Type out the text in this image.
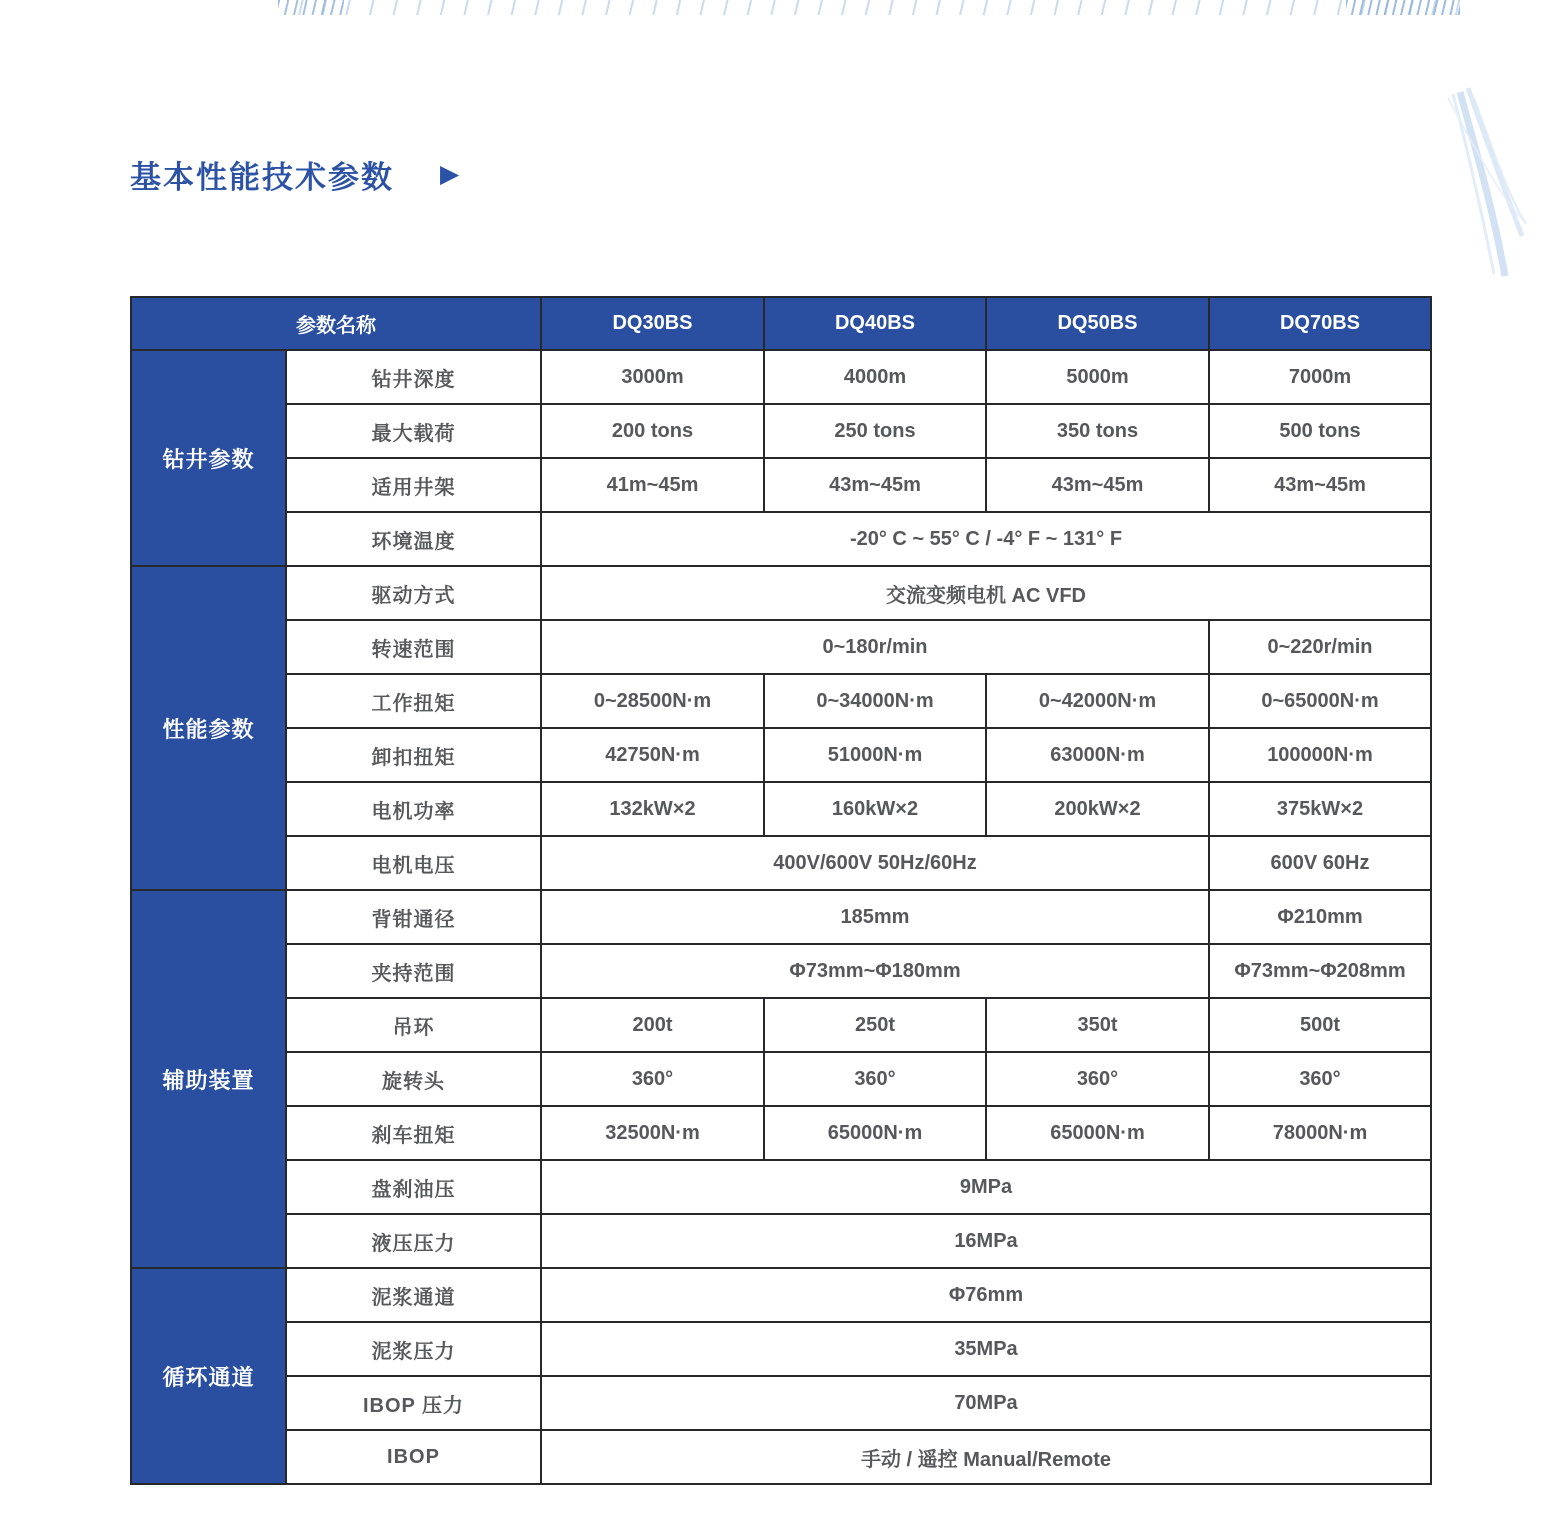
基本性能技术参数 ▶
参数名称		DQ30BS	DQ40BS	DQ50BS	DQ70BS
钻井参数	钻井深度	3000m	4000m	5000m	7000m
	最大载荷	200 tons	250 tons	350 tons	500 tons
	适用井架	41m~45m	43m~45m	43m~45m	43m~45m
	环境温度	-20° C ~ 55° C / -4° F ~ 131° F			
性能参数	驱动方式	交流变频电机 AC VFD			
	转速范围	0~180r/min			0~220r/min
	工作扭矩	0~28500N·m	0~34000N·m	0~42000N·m	0~65000N·m
	卸扣扭矩	42750N·m	51000N·m	63000N·m	100000N·m
	电机功率	132kW×2	160kW×2	200kW×2	375kW×2
	电机电压	400V/600V 50Hz/60Hz			600V 60Hz
辅助装置	背钳通径	185mm			Φ210mm
	夹持范围	Φ73mm~Φ180mm			Φ73mm~Φ208mm
	吊环	200t	250t	350t	500t
	旋转头	360°	360°	360°	360°
	刹车扭矩	32500N·m	65000N·m	65000N·m	78000N·m
	盘刹油压	9MPa			
	液压压力	16MPa			
循环通道	泥浆通道	Φ76mm			
	泥浆压力	35MPa			
	IBOP 压力	70MPa			
	IBOP	手动 / 遥控 Manual/Remote			
